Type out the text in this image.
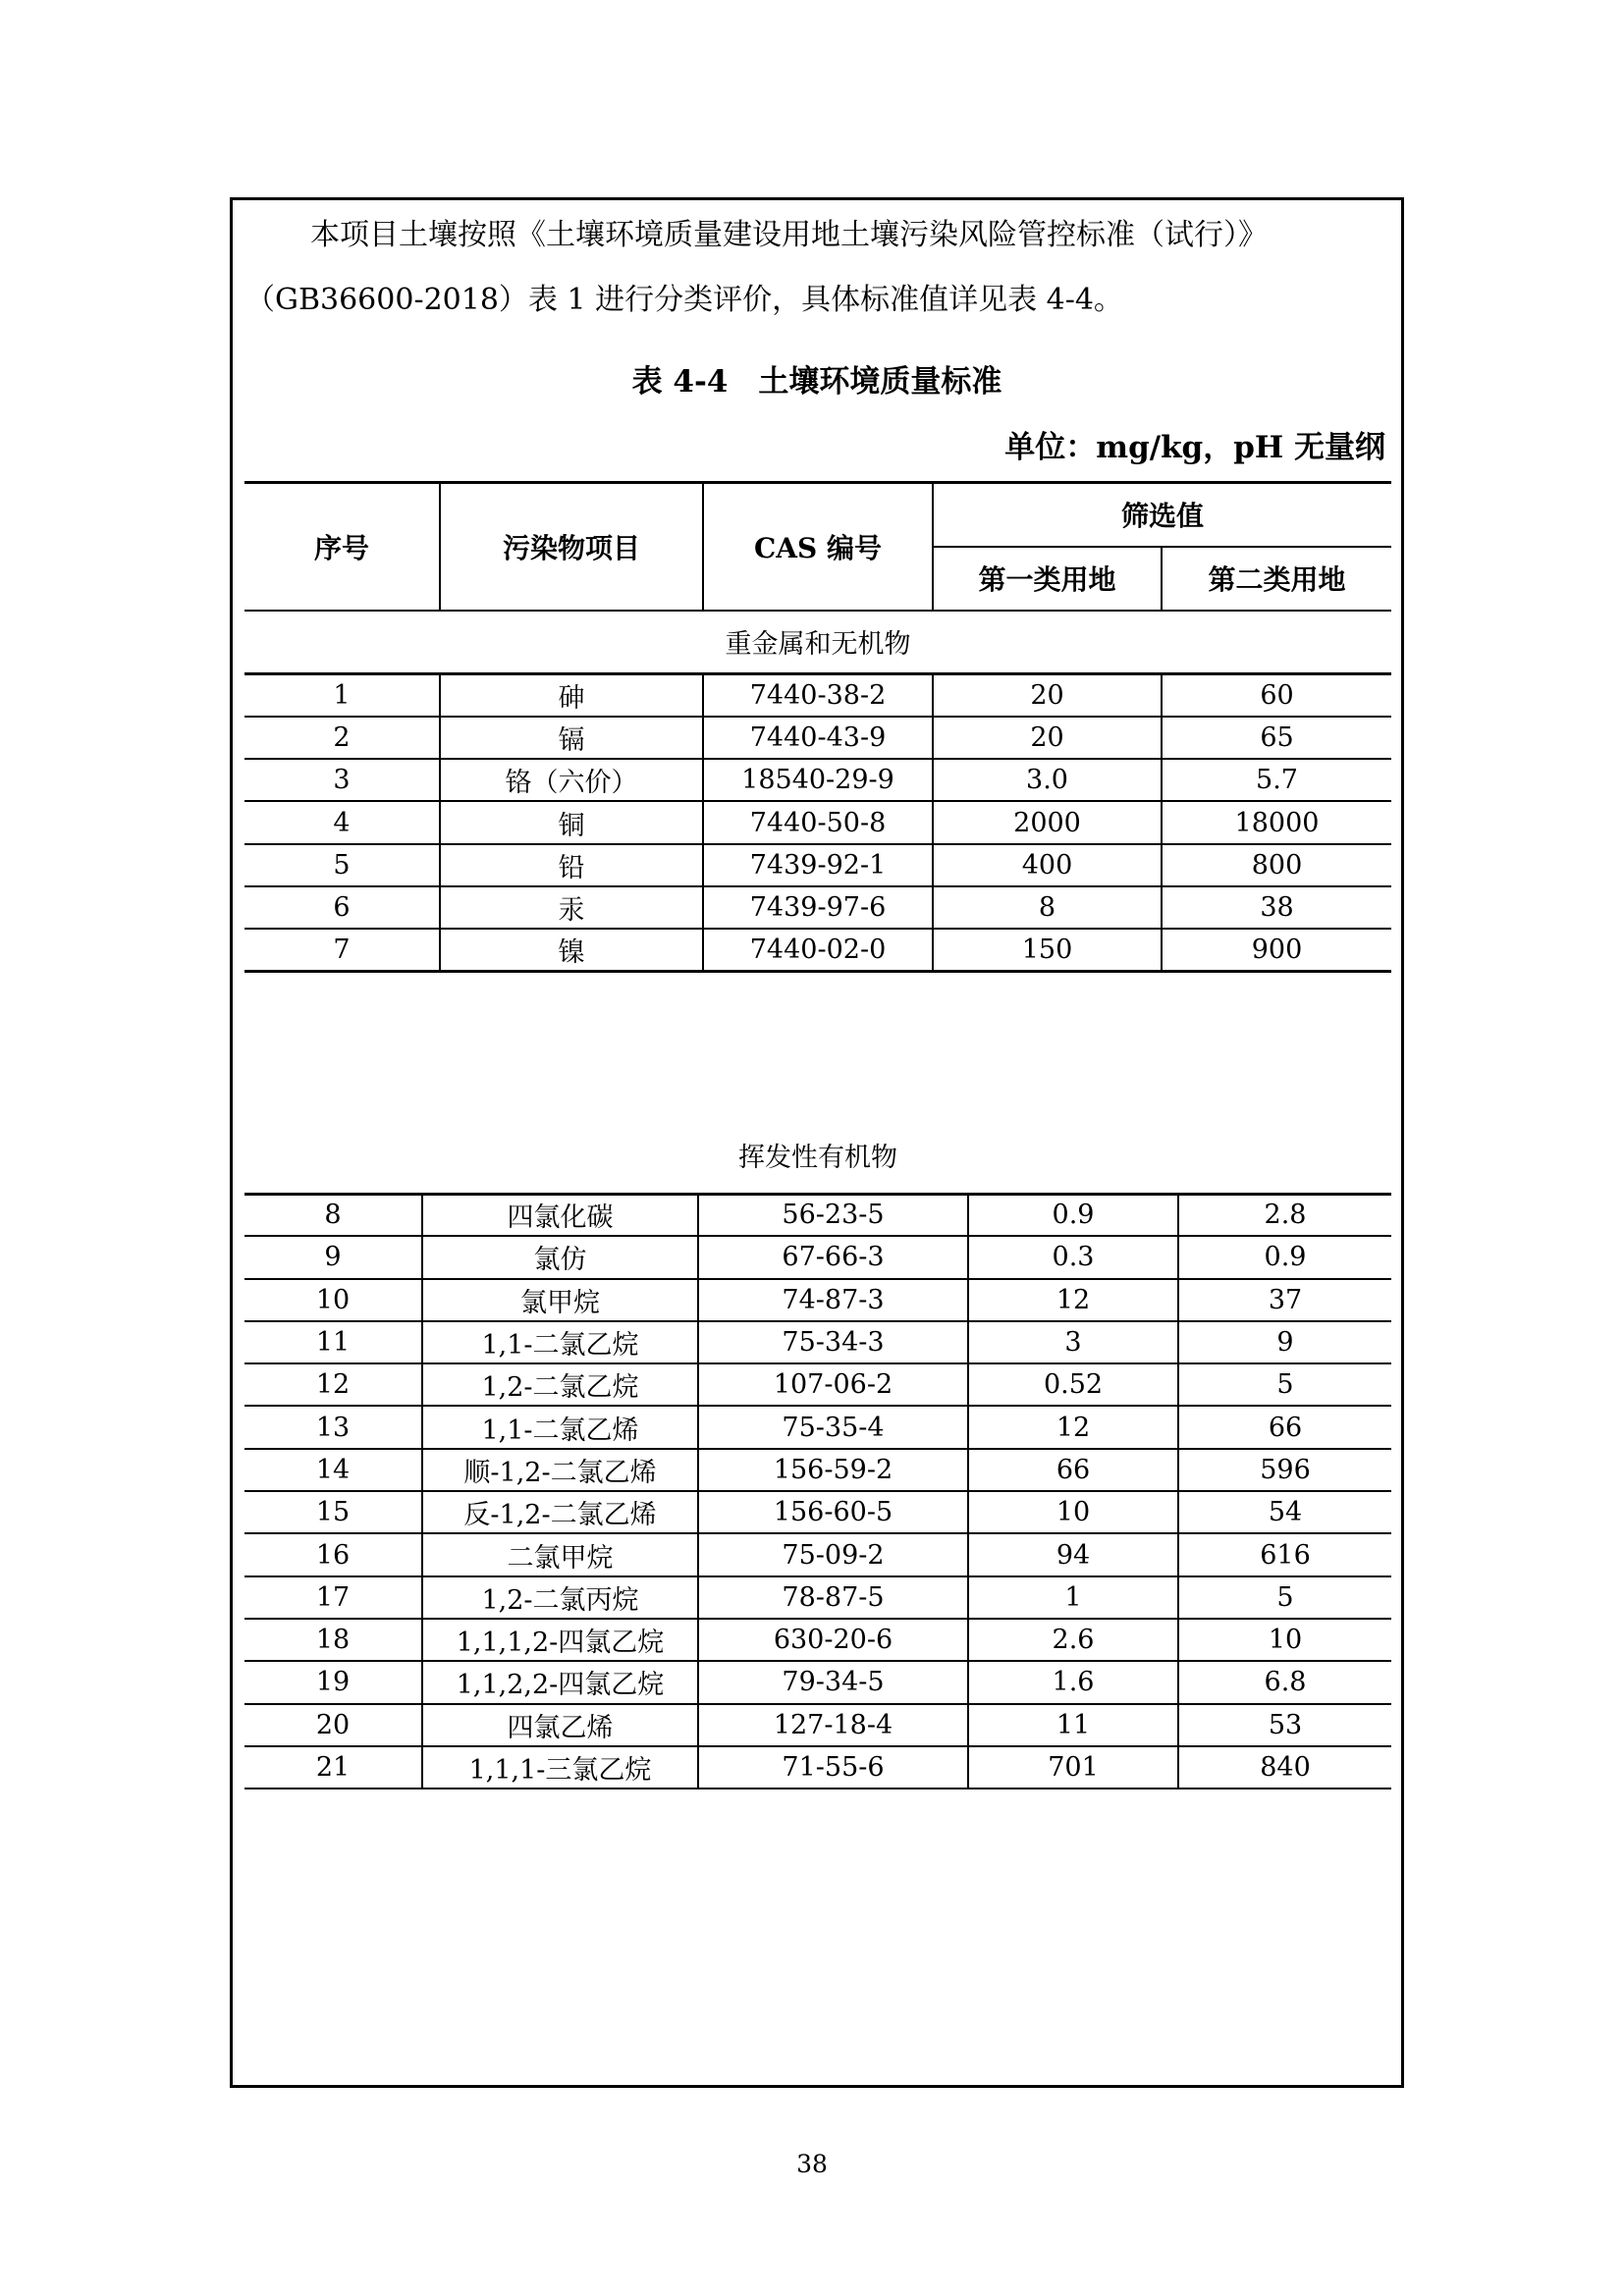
本项目土壤按照《土壤环境质量建设用地土壤污染风险管控标准（试行）》
（GB36600-2018）表 1 进行分类评价，具体标准值详见表 4-4。
表 4-4　土壤环境质量标准
单位：mg/kg，pH 无量纲
序号	污染物项目	CAS 编号	筛选值	
			第一类用地	第二类用地
重金属和无机物				
1	砷	7440-38-2	20	60
2	镉	7440-43-9	20	65
3	铬（六价）	18540-29-9	3.0	5.7
4	铜	7440-50-8	2000	18000
5	铅	7439-92-1	400	800
6	汞	7439-97-6	8	38
7	镍	7440-02-0	150	900

8	四氯化碳	56-23-5	0.9	2.8
9	氯仿	67-66-3	0.3	0.9
10	氯甲烷	74-87-3	12	37
11	1,1-二氯乙烷	75-34-3	3	9
12	1,2-二氯乙烷	107-06-2	0.52	5
13	1,1-二氯乙烯	75-35-4	12	66
14	顺-1,2-二氯乙烯	156-59-2	66	596
15	反-1,2-二氯乙烯	156-60-5	10	54
16	二氯甲烷	75-09-2	94	616
17	1,2-二氯丙烷	78-87-5	1	5
18	1,1,1,2-四氯乙烷	630-20-6	2.6	10
19	1,1,2,2-四氯乙烷	79-34-5	1.6	6.8
20	四氯乙烯	127-18-4	11	53
21	1,1,1-三氯乙烷	71-55-6	701	840
挥发性有机物
38
